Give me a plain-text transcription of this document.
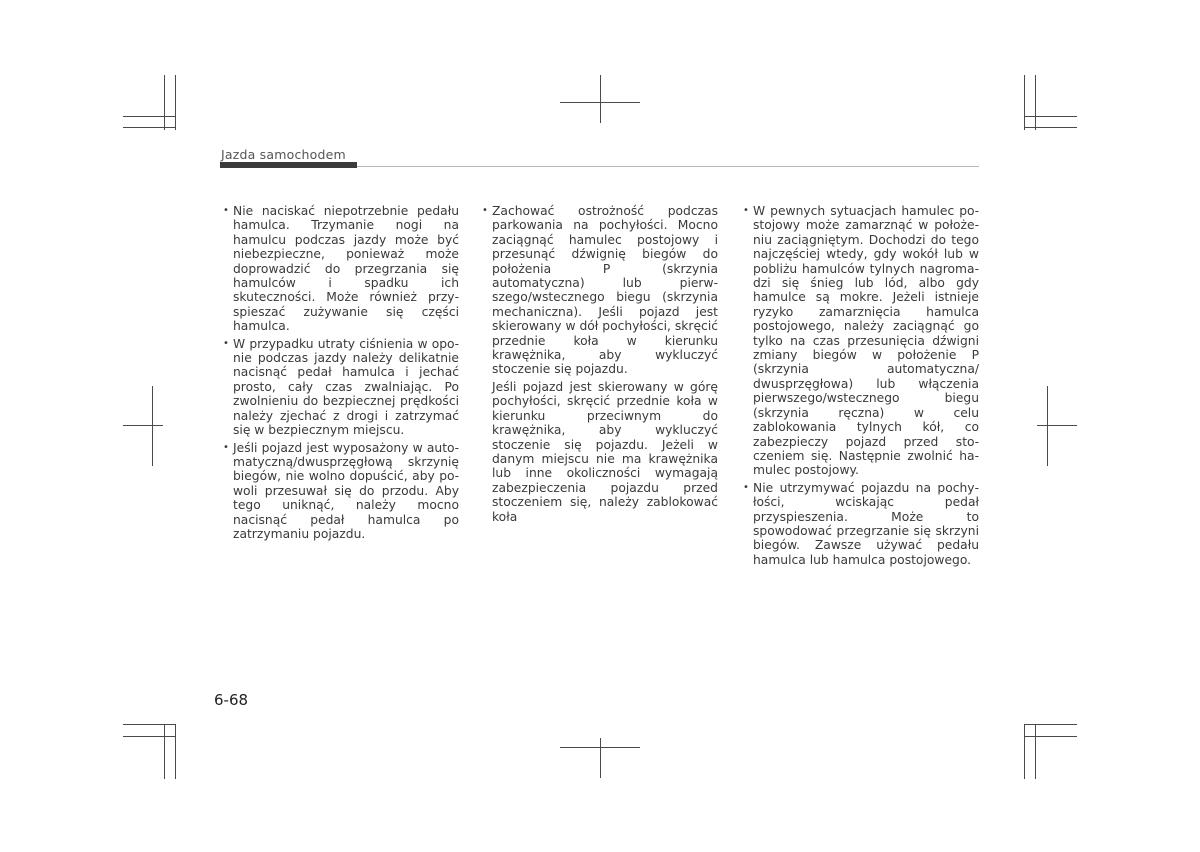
Jazda samochodem

• Nie naciskać niepotrzebnie pedału hamulca. Trzymanie nogi na hamulcu podczas jazdy może być niebezpieczne, ponieważ może doprowadzić do przegrzania się hamulców i spadku ich skuteczności. Może również przyspieszać zużywanie się części hamulca.

• W przypadku utraty ciśnienia w oponie podczas jazdy należy delikatnie nacisnąć pedał hamulca i jechać prosto, cały czas zwalniając. Po zwolnieniu do bezpiecznej prędkości należy zjechać z drogi i zatrzymać się w bezpiecznym miejscu.

• Jeśli pojazd jest wyposażony w automatyczną/dwusprzęgłową skrzynię biegów, nie wolno dopuścić, aby powoli przesuwał się do przodu. Aby tego uniknąć, należy mocno nacisnąć pedał hamulca po zatrzymaniu pojazdu.

• Zachować ostrożność podczas parkowania na pochyłości. Mocno zaciągnąć hamulec postojowy i przesunąć dźwignię biegów do położenia P (skrzynia automatyczna) lub pierwszego/wstecznego biegu (skrzynia mechaniczna). Jeśli pojazd jest skierowany w dół pochyłości, skręcić przednie koła w kierunku krawężnika, aby wykluczyć stoczenie się pojazdu.

Jeśli pojazd jest skierowany w górę pochyłości, skręcić przednie koła w kierunku przeciwnym do krawężnika, aby wykluczyć stoczenie się pojazdu. Jeżeli w danym miejscu nie ma krawężnika lub inne okoliczności wymagają zabezpieczenia pojazdu przed stoczeniem się, należy zablokować koła

• W pewnych sytuacjach hamulec postojowy może zamarznąć w położeniu zaciągniętym. Dochodzi do tego najczęściej wtedy, gdy wokół lub w pobliżu hamulców tylnych nagromadzi się śnieg lub lód, albo gdy hamulce są mokre. Jeżeli istnieje ryzyko zamarznięcia hamulca postojowego, należy zaciągnąć go tylko na czas przesunięcia dźwigni zmiany biegów w położenie P (skrzynia automatyczna/ dwusprzęgłowa) lub włączenia pierwszego/wstecznego biegu (skrzynia ręczna) w celu zablokowania tylnych kół, co zabezpieczy pojazd przed stoczeniem się. Następnie zwolnić hamulec postojowy.

• Nie utrzymywać pojazdu na pochyłości, wciskając pedał przyspieszenia. Może to spowodować przegrzanie się skrzyni biegów. Zawsze używać pedału hamulca lub hamulca postojowego.

6-68
